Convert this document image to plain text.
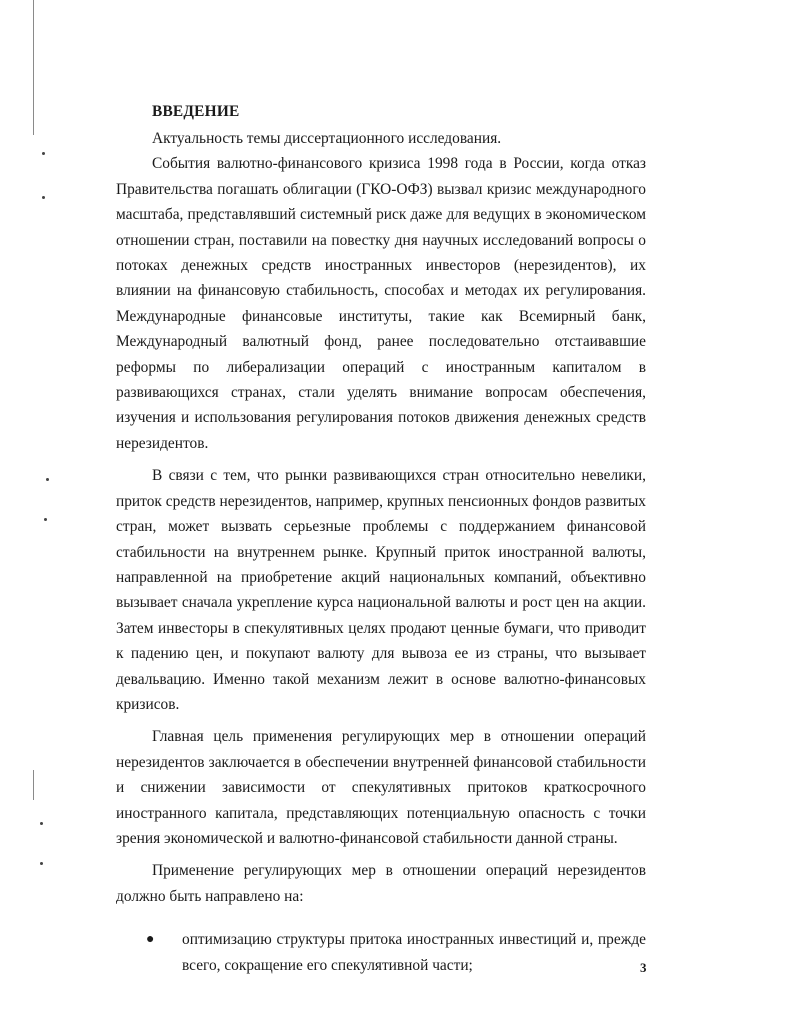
ВВЕДЕНИЕ
Актуальность темы диссертационного исследования.

События валютно-финансового кризиса 1998 года в России, когда отказ Правительства погашать облигации (ГКО-ОФЗ) вызвал кризис международного масштаба, представлявший системный риск даже для ведущих в экономическом отношении стран, поставили на повестку дня научных исследований вопросы о потоках денежных средств иностранных инвесторов (нерезидентов), их влиянии на финансовую стабильность, способах и методах их регулирования. Международные финансовые институты, такие как Всемирный банк, Международный валютный фонд, ранее последовательно отстаивавшие реформы по либерализации операций с иностранным капиталом в развивающихся странах, стали уделять внимание вопросам обеспечения, изучения и использования регулирования потоков движения денежных средств нерезидентов.

В связи с тем, что рынки развивающихся стран относительно невелики, приток средств нерезидентов, например, крупных пенсионных фондов развитых стран, может вызвать серьезные проблемы с поддержанием финансовой стабильности на внутреннем рынке. Крупный приток иностранной валюты, направленной на приобретение акций национальных компаний, объективно вызывает сначала укрепление курса национальной валюты и рост цен на акции. Затем инвесторы в спекулятивных целях продают ценные бумаги, что приводит к падению цен, и покупают валюту для вывоза ее из страны, что вызывает девальвацию. Именно такой механизм лежит в основе валютно-финансовых кризисов.

Главная цель применения регулирующих мер в отношении операций нерезидентов заключается в обеспечении внутренней финансовой стабильности и снижении зависимости от спекулятивных притоков краткосрочного иностранного капитала, представляющих потенциальную опасность с точки зрения экономической и валютно-финансовой стабильности данной страны.

Применение регулирующих мер в отношении операций нерезидентов должно быть направлено на:

● оптимизацию структуры притока иностранных инвестиций и, прежде всего, сокращение его спекулятивной части;	3
